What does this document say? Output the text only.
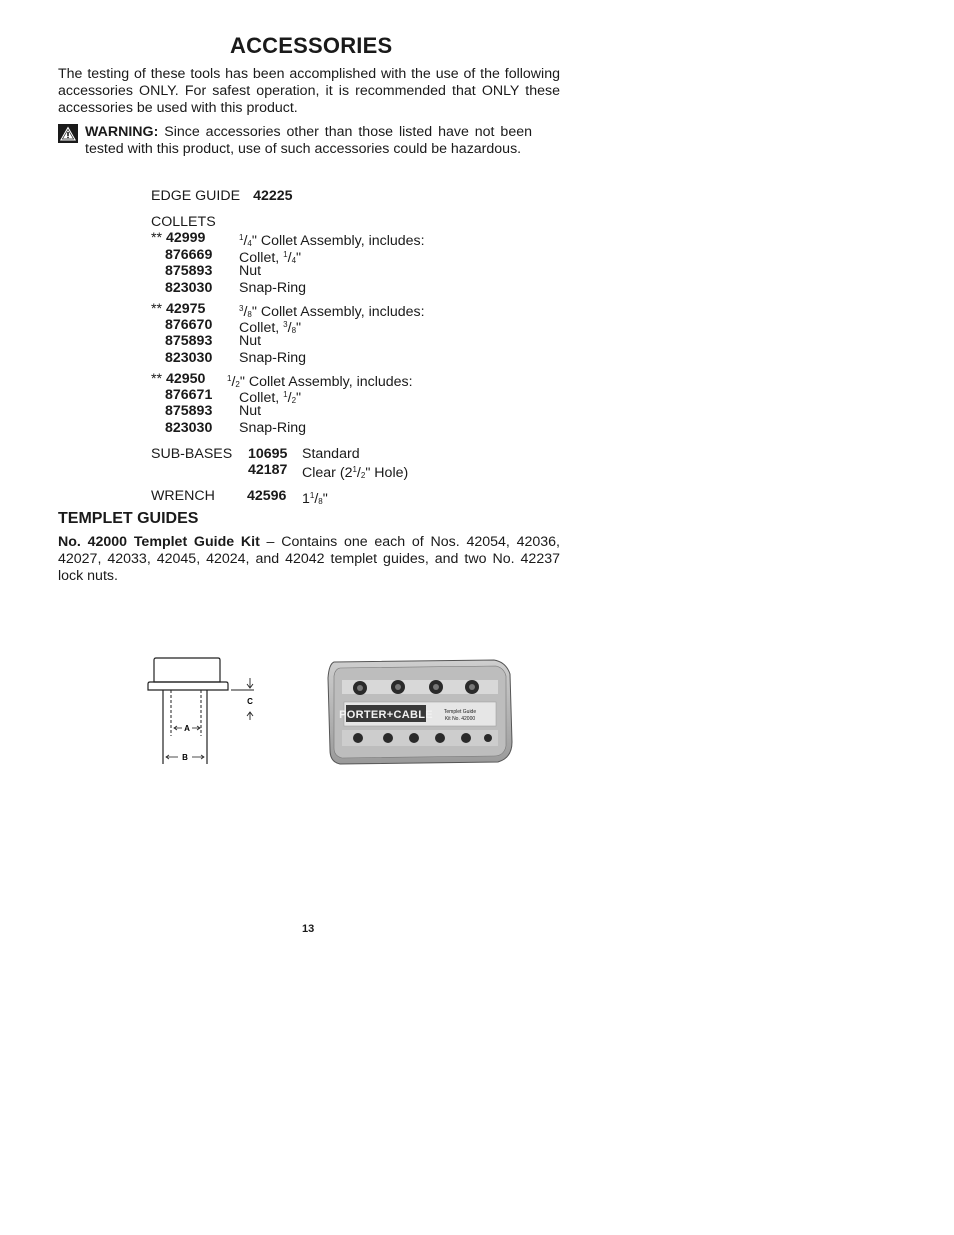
ACCESSORIES

The testing of these tools has been accomplished with the use of the following accessories ONLY. For safest operation, it is recommended that ONLY these accessories be used with this product.

WARNING: Since accessories other than those listed have not been tested with this product, use of such accessories could be hazardous.

EDGE GUIDE 42225
COLLETS
** 42999	$^1/_4$" Collet Assembly, includes:
876669 Collet, $^1/_4$"
875893 Nut
823030 Snap-Ring
** 42975	$^3/_8$" Collet Assembly, includes:
876670 Collet, $^3/_8$"
875893 Nut
823030 Snap-Ring
** 42950	$^1/_2$" Collet Assembly, includes:
876671 Collet, $^1/_2$"
875893 Nut
823030 Snap-Ring
SUB-BASES 10695 Standard
42187 Clear ($2^1/_2$" Hole)
WRENCH 42596 $1^1/_8$"
TEMPLET GUIDES

No. 42000 Templet Guide Kit – Contains one each of Nos. 42054, 42036, 42027, 42033, 42045, 42024, and 42042 templet guides, and two No. 42237 lock nuts.

A
B
C
PORTER+CABLE Templet Guide
Kit No. 42000
13
